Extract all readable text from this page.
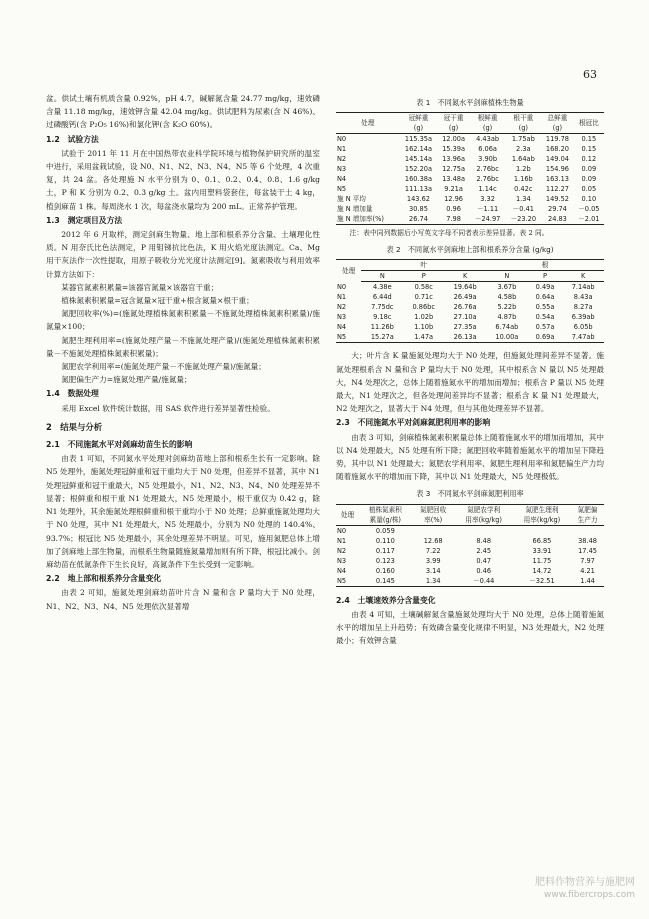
63

盆。供试土壤有机质含量 0.92%，pH 4.7，碱解氮含量 24.77 mg/kg，速效磷含量 11.18 mg/kg，速效钾含量 42.04 mg/kg。供试肥料为尿素(含 N 46%)、过磷酸钙(含 P₂O₅ 16%)和氯化钾(含 K₂O 60%)。

1.2　试验方法

试验于 2011 年 11 月在中国热带农业科学院环境与植物保护研究所的温室中进行，采用盆栽试验，设 N0、N1、N2、N3、N4、N5 等 6 个处理，4 次重复，共 24 盆。各处理施 N 水平分别为 0、0.1、0.2、0.4、0.8、1.6 g/kg 土，P 和 K 分别为 0.2、0.3 g/kg 土。盆内用塑料袋套住，每盆装干土 4 kg，植剑麻苗 1 株。每周浇水 1 次，每盆浇水量均为 200 mL。正常养护管理。

1.3　测定项目及方法

2012 年 6 月取样，测定剑麻生物量、地上部和根系养分含量、土壤理化性质。N 用奈氏比色法测定，P 用钼锑抗比色法，K 用火焰光度法测定。Ca、Mg 用干灰法作一次性提取，用原子吸收分光光度计法测定[9]。氮素吸收与利用效率计算方法如下：

某器官氮素积累量=该器官氮量×该器官干重；

植株氮素积累量=冠含氮量×冠干重+根含氮量×根干重；

氮肥回收率(%)=(施氮处理植株氮素积累量－不施氮处理植株氮素积累量)/施氮量×100；

氮肥生理利用率=(施氮处理产量－不施氮处理产量)/(施氮处理植株氮素积累量－不施氮处理植株氮素积累量)；

氮肥农学利用率=(施氮处理产量－不施氮处理产量)/施氮量；

氮肥偏生产力=施氮处理产量/施氮量；

1.4　数据处理

采用 Excel 软件统计数据，用 SAS 软件进行差异显著性检验。

2　结果与分析
2.1　不同施氮水平对剑麻幼苗生长的影响

由表 1 可知，不同氮水平处理对剑麻幼苗地上部和根系生长有一定影响。除 N5 处理外，施氮处理冠鲜重和冠干重均大于 N0 处理，但差异不显著，其中 N1 处理冠鲜重和冠干重最大，N5 处理最小，N1、N2、N3、N4、N0 处理差异不显著；根鲜重和根干重 N1 处理最大，N5 处理最小，根干重仅为 0.42 g，除 N1 处理外，其余施氮处理根鲜重和根干重均小于 N0 处理；总鲜重施氮处理均大于 N0 处理，其中 N1 处理最大，N5 处理最小，分别为 N0 处理的 140.4%、93.7%；根冠比 N5 处理最小，其余处理差异不明显。可见，施用氮肥总体上增加了剑麻地上部生物量，而根系生物量随施氮量增加则有所下降，根冠比减小。剑麻幼苗在低氮条件下生长良好，高氮条件下生长受到一定影响。

2.2　地上部和根系养分含量变化

由表 2 可知，施氮处理剑麻幼苗叶片含 N 量和含 P 量均大于 N0 处理，N1、N2、N3、N4、N5 处理依次显著增

表 1　不同氮水平剑麻植株生物量
处理	冠鲜重
(g)	冠干重
(g)	根鲜重
(g)	根干重
(g)	总鲜重
(g)	根冠比
N0	115.35a	12.00a	4.43ab	1.75ab	119.78	0.15
N1	162.14a	15.39a	6.06a	2.3a	168.20	0.15
N2	145.14a	13.96a	3.90b	1.64ab	149.04	0.12
N3	152.20a	12.75a	2.76bc	1.2b	154.96	0.09
N4	160.38a	13.48a	2.76bc	1.16b	163.13	0.09
N5	111.13a	9.21a	1.14c	0.42c	112.27	0.05
施 N 平均	143.62	12.96	3.32	1.34	149.52	0.10
施 N 增加量	30.85	0.96	－1.11	－0.41	29.74	－0.05
施 N 增加率(%)	26.74	7.98	－24.97	－23.20	24.83	－2.01
注：表中同列数据后小写英文字母不同者表示差异显著。表 2 同。
表 2　不同氮水平剑麻地上部和根系养分含量 (g/kg)
处理	叶			根		
	N	P	K	N	P	K
N0	4.38e	0.58c	19.64b	3.67b	0.49a	7.14ab
N1	6.44d	0.71c	26.49a	4.58b	0.64a	8.43a
N2	7.75dc	0.86bc	26.76a	5.22b	0.55a	8.27a
N3	9.18c	1.02b	27.10a	4.87b	0.54a	6.39ab
N4	11.26b	1.10b	27.35a	6.74ab	0.57a	6.05b
N5	15.27a	1.47a	26.13a	10.00a	0.69a	7.47ab

大；叶片含 K 量施氮处理均大于 N0 处理，但施氮处理间差异不显著。施氮处理根系含 N 量和含 P 量均大于 N0 处理，其中根系含 N 量以 N5 处理最大，N4 处理次之，总体上随着施氮水平的增加而增加；根系含 P 量以 N5 处理最大，N1 处理次之，但各处理间差异均不显著；根系含 K 量 N1 处理最大，N2 处理次之，显著大于 N4 处理，但与其他处理差异不显著。

2.3　不同施氮水平对剑麻氮肥利用率的影响

由表 3 可知，剑麻植株氮素积累量总体上随着施氮水平的增加而增加，其中以 N4 处理最大，N5 处理有所下降；氮肥回收率随着施氮水平的增加呈下降趋势，其中以 N1 处理最大；氮肥农学利用率、氮肥生理利用率和氮肥偏生产力均随着施氮水平的增加而下降，其中以 N1 处理最大，N5 处理极低。

表 3　不同氮水平剑麻氮肥利用率
处理	植株氮素积
累量(g/株)	氮肥回收
率(%)	氮肥农学利
用率(kg/kg)	氮肥生理利
用率(kg/kg)	氮肥偏
生产力
N0	0.059				
N1	0.110	12.68	8.48	66.85	38.48
N2	0.117	7.22	2.45	33.91	17.45
N3	0.123	3.99	0.47	11.75	7.97
N4	0.160	3.14	0.46	14.72	4.21
N5	0.145	1.34	－0.44	－32.51	1.44
2.4　土壤速效养分含量变化

由表 4 可知，土壤碱解氮含量施氮处理均大于 N0 处理，总体上随着施氮水平的增加呈上升趋势；有效磷含量变化规律不明显，N3 处理最大，N2 处理最小；有效钾含量

肥料作物营养与施肥网
www.fibercrops.com
